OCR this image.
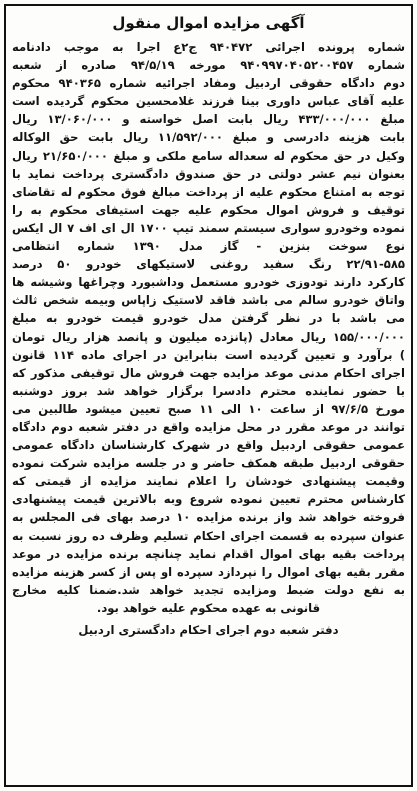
آگهی مزایده اموال منقول
شماره پرونده اجرائی ۹۴۰۴۷۲ ج۲ع اجرا به موجب دادنامه
شماره ۹۴۰۹۹۷۰۴۰۵۲۰۰۴۵۷ مورخه ۹۴/۵/۱۹ صادره از شعبه
دوم دادگاه حقوقی اردبیل ومفاد اجرائیه شماره ۹۴۰۳۶۵ محکوم
علیه آقای عباس داوری بینا فرزند غلامحسین محکوم گردیده است
مبلغ ۴۳۳/۰۰۰/۰۰۰ ریال بابت اصل خواسته و ۱۳/۰۶۰/۰۰۰ ریال
بابت هزینه دادرسی و مبلغ ۱۱/۵۹۲/۰۰۰ ریال بابت حق الوکاله
وکیل در حق محکوم له سعداله سامع ملکی و مبلغ ۲۱/۶۵۰/۰۰۰ ریال
بعنوان نیم عشر دولتی در حق صندوق دادگستری پرداخت نماید با
توجه به امتناع محکوم علیه از پرداخت مبالغ فوق محکوم له تقاضای
توقیف و فروش اموال محکوم علیه جهت استیفای محکوم به را
نموده وخودرو سواری سیستم سمند تیپ ۱۷۰۰ ال ای اف ۷ ال ایکس
نوع سوخت بنزین - گاز مدل ۱۳۹۰ شماره انتظامی
۲۲/۹۱-۵۸۵ رنگ سفید روغنی لاستیکهای خودرو ۵۰ درصد
کارکرد دارند تودوزی خودرو مستعمل وداشبورد وچراغها وشیشه ها
واتاق خودرو سالم می باشد فاقد لاستیک زاپاس وبیمه شخص ثالث
می باشد با در نظر گرفتن مدل خودرو قیمت خودرو به مبلغ
۱۵۵/۰۰۰/۰۰۰ ریال معادل (پانزده میلیون و پانصد هزار ریال تومان
) برآورد و تعیین گردیده است بنابراین در اجرای ماده ۱۱۴ قانون
اجرای احکام مدنی موعد مزایده جهت فروش مال توقیفی مذکور که
با حضور نماینده محترم دادسرا برگزار خواهد شد بروز دوشنبه
مورخ ۹۷/۶/۵ از ساعت ۱۰ الی ۱۱ صبح تعیین میشود طالبین می
توانند در موعد مقرر در محل مزایده واقع در دفتر شعبه دوم دادگاه
عمومی حقوقی اردبیل واقع در شهرک کارشناسان دادگاه عمومی
حقوقی اردبیل طبقه همکف حاضر و در جلسه مزایده شرکت نموده
وقیمت پیشنهادی خودشان را اعلام نمایند مزایده از قیمتی که
کارشناس محترم تعیین نموده شروع وبه بالاترین قیمت پیشنهادی
فروخته خواهد شد واز برنده مزایده ۱۰ درصد بهای فی المجلس به
عنوان سپرده به قسمت اجرای احکام تسلیم وظرف ده روز نسبت به
پرداخت بقیه بهای اموال اقدام نماید چنانچه برنده مزایده در موعد
مقرر بقیه بهای اموال را نپردازد سپرده او پس از کسر هزینه مزایده
به نفع دولت ضبط ومزایده تجدید خواهد شد.ضمنا کلیه مخارج
قانونی به عهده محکوم علیه خواهد بود.
دفتر شعبه دوم اجرای احکام دادگستری اردبیل
